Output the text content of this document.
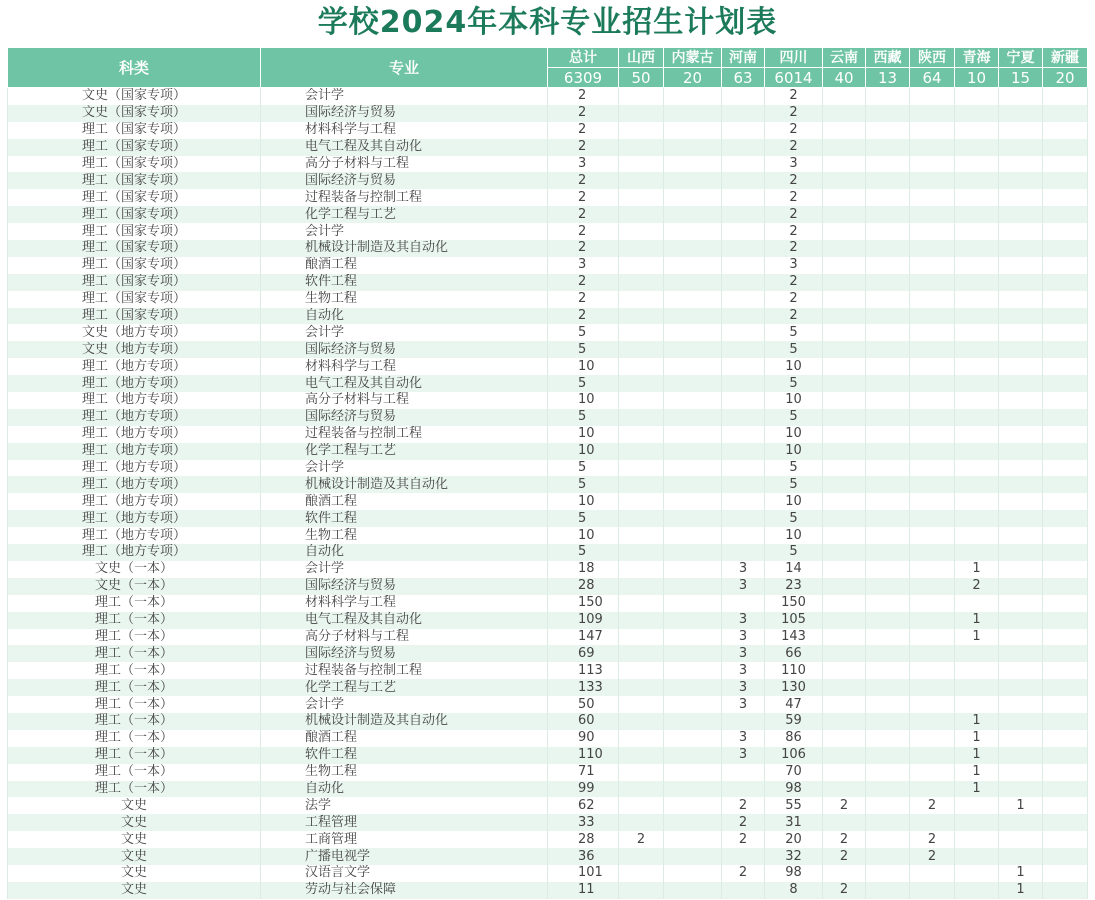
学校2024年本科专业招生计划表
科类	专业	总计	山西	内蒙古	河南	四川	云南	西藏	陕西	青海	宁夏	新疆
		6309	50	20	63	6014	40	13	64	10	15	20
文史（国家专项）	会计学	2				2						
文史（国家专项）	国际经济与贸易	2				2						
理工（国家专项）	材料科学与工程	2				2						
理工（国家专项）	电气工程及其自动化	2				2						
理工（国家专项）	高分子材料与工程	3				3						
理工（国家专项）	国际经济与贸易	2				2						
理工（国家专项）	过程装备与控制工程	2				2						
理工（国家专项）	化学工程与工艺	2				2						
理工（国家专项）	会计学	2				2						
理工（国家专项）	机械设计制造及其自动化	2				2						
理工（国家专项）	酿酒工程	3				3						
理工（国家专项）	软件工程	2				2						
理工（国家专项）	生物工程	2				2						
理工（国家专项）	自动化	2				2						
文史（地方专项）	会计学	5				5						
文史（地方专项）	国际经济与贸易	5				5						
理工（地方专项）	材料科学与工程	10				10						
理工（地方专项）	电气工程及其自动化	5				5						
理工（地方专项）	高分子材料与工程	10				10						
理工（地方专项）	国际经济与贸易	5				5						
理工（地方专项）	过程装备与控制工程	10				10						
理工（地方专项）	化学工程与工艺	10				10						
理工（地方专项）	会计学	5				5						
理工（地方专项）	机械设计制造及其自动化	5				5						
理工（地方专项）	酿酒工程	10				10						
理工（地方专项）	软件工程	5				5						
理工（地方专项）	生物工程	10				10						
理工（地方专项）	自动化	5				5						
文史（一本）	会计学	18			3	14				1		
文史（一本）	国际经济与贸易	28			3	23				2		
理工（一本）	材料科学与工程	150				150						
理工（一本）	电气工程及其自动化	109			3	105				1		
理工（一本）	高分子材料与工程	147			3	143				1		
理工（一本）	国际经济与贸易	69			3	66						
理工（一本）	过程装备与控制工程	113			3	110						
理工（一本）	化学工程与工艺	133			3	130						
理工（一本）	会计学	50			3	47						
理工（一本）	机械设计制造及其自动化	60				59				1		
理工（一本）	酿酒工程	90			3	86				1		
理工（一本）	软件工程	110			3	106				1		
理工（一本）	生物工程	71				70				1		
理工（一本）	自动化	99				98				1		
文史	法学	62			2	55	2		2		1	
文史	工程管理	33			2	31						
文史	工商管理	28	2		2	20	2		2			
文史	广播电视学	36				32	2		2			
文史	汉语言文学	101			2	98					1	
文史	劳动与社会保障	11				8	2				1	
